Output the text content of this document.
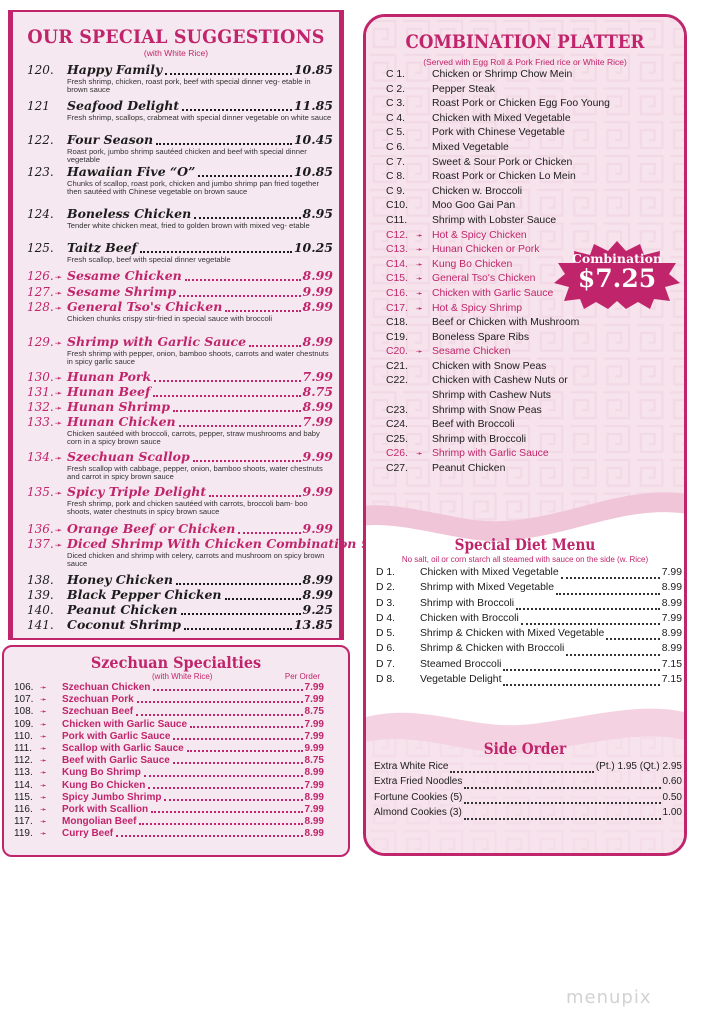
OUR SPECIAL SUGGESTIONS
(with White Rice)
120.	Happy Family	10.85
Fresh shrimp, chicken, roast pork, beef with special dinner veg- etable in brown sauce
121	Seafood Delight	11.85
Fresh shrimp, scallops, crabmeat with special dinner vegetable on white sauce
122.	Four Season	10.45
Roast pork, jumbo shrimp sautéed chicken and beef with special dinner vegetable
123.	Hawaiian Five “O”	10.85
Chunks of scallop, roast pork, chicken and jumbo shrimp pan fried together then sautéed with Chinese vegetable on brown sauce
124.	Boneless Chicken	8.95
Tender white chicken meat, fried to golden brown with mixed veg- etable
125.	Taitz Beef	10.25
Fresh scallop, beef with special dinner vegetable
126.➛ Sesame Chicken	8.99
127.➛ Sesame Shrimp	9.99
128.➛ General Tso's Chicken	8.99
Chicken chunks crispy stir-fried in special sauce with broccoli
129.➛ Shrimp with Garlic Sauce	8.99
Fresh shrimp with pepper, onion, bamboo shoots, carrots and water chestnuts in spicy garlic sauce
130.➛ Hunan Pork	7.99
131.➛ Hunan Beef	8.75
132.➛ Hunan Shrimp	8.99
133.➛ Hunan Chicken	7.99
Chicken sautéed with broccoli, carrots, pepper, straw mushrooms and baby corn in a spicy brown sauce
134.➛ Szechuan Scallop	9.99
Fresh scallop with cabbage, pepper, onion, bamboo shoots, water chestnuts and carrot in spicy brown sauce
135.➛ Spicy Triple Delight	9.99
Fresh shrimp, pork and chicken sautéed with carrots, broccoli bam- boo shoots, water chestnuts in spicy brown sauce
136.➛ Orange Beef or Chicken	9.99
137.➛ Diced Shrimp With Chicken Combination
Diced chicken and shrimp with celery, carrots and mushroom on spicy brown sauce
138.	Honey Chicken	8.99
139.	Black Pepper Chicken	8.99
140.	Peanut Chicken	9.25
141.	Coconut Shrimp	13.85
Szechuan Specialties
(with White Rice)	Per Order
106. ➛	Szechuan Chicken	7.99
107. ➛	Szechuan Pork	7.99
108. ➛	Szechuan Beef	8.75
109. ➛	Chicken with Garlic Sauce	7.99
110. ➛	Pork with Garlic Sauce	7.99
111.	➛	Scallop with Garlic Sauce	9.99
112. ➛	Beef with Garlic Sauce	8.75
113. ➛	Kung Bo Shrimp	8.99
114. ➛	Kung Bo Chicken	7.99
115. ➛	Spicy Jumbo Shrimp	8.99
116. ➛	Pork with Scallion	7.99
117. ➛	Mongolian Beef	8.99
119. ➛	Curry Beef	8.99
COMBINATION PLATTER
(Served with Egg Roll & Pork Fried rice or White Rice)
C 1.	Chicken or Shrimp Chow Mein
C 2.	Pepper Steak
C 3.	Roast Pork or Chicken Egg Foo Young
C 4.	Chicken with Mixed Vegetable
C 5.	Pork with Chinese Vegetable
C 6.	Mixed Vegetable
C 7.	Sweet & Sour Pork or Chicken
C 8.	Roast Pork or Chicken Lo Mein
C 9.	Chicken w. Broccoli
C10.	Moo Goo Gai Pan
C11.	Shrimp with Lobster Sauce
C12.	➛ Hot & Spicy Chicken
C13.	➛ Hunan Chicken or Pork
C14.	➛ Kung Bo Chicken
C15.	➛ General Tso's Chicken
C16.	➛ Chicken with Garlic Sauce
C17.	➛ Hot & Spicy Shrimp
C18.	Beef or Chicken with Mushroom
C19.	Boneless Spare Ribs
C20.	➛ Sesame Chicken
C21.	Chicken with Snow Peas
C22.	Chicken with Cashew Nuts or
Shrimp with Cashew Nuts
C23.	Shrimp with Snow Peas
C24.	Beef with Broccoli
C25.	Shrimp with Broccoli
C26.	➛ Shrimp with Garlic Sauce
C27.	Peanut Chicken
Combination
$7.25
Special Diet Menu
No salt, oil or corn starch all steamed with sauce on the side (w. Rice)
D 1.	Chicken with Mixed Vegetable	7.99
D 2.	Shrimp with Mixed Vegetable	8.99
D 3.	Shrimp with Broccoli	8.99
D 4.	Chicken with Broccoli	7.99
D 5.	Shrimp & Chicken with Mixed Vegetable	8.99
D 6.	Shrimp & Chicken with Broccoli	8.99
D 7.	Steamed Broccoli	7.15
D 8.	Vegetable Delight	7.15
Side Order
Extra White Rice	(Pt.) 1.95 (Qt.) 2.95
Extra Fried Noodles	0.60
Fortune Cookies (5)	0.50
Almond Cookies (3)	1.00
menupix
